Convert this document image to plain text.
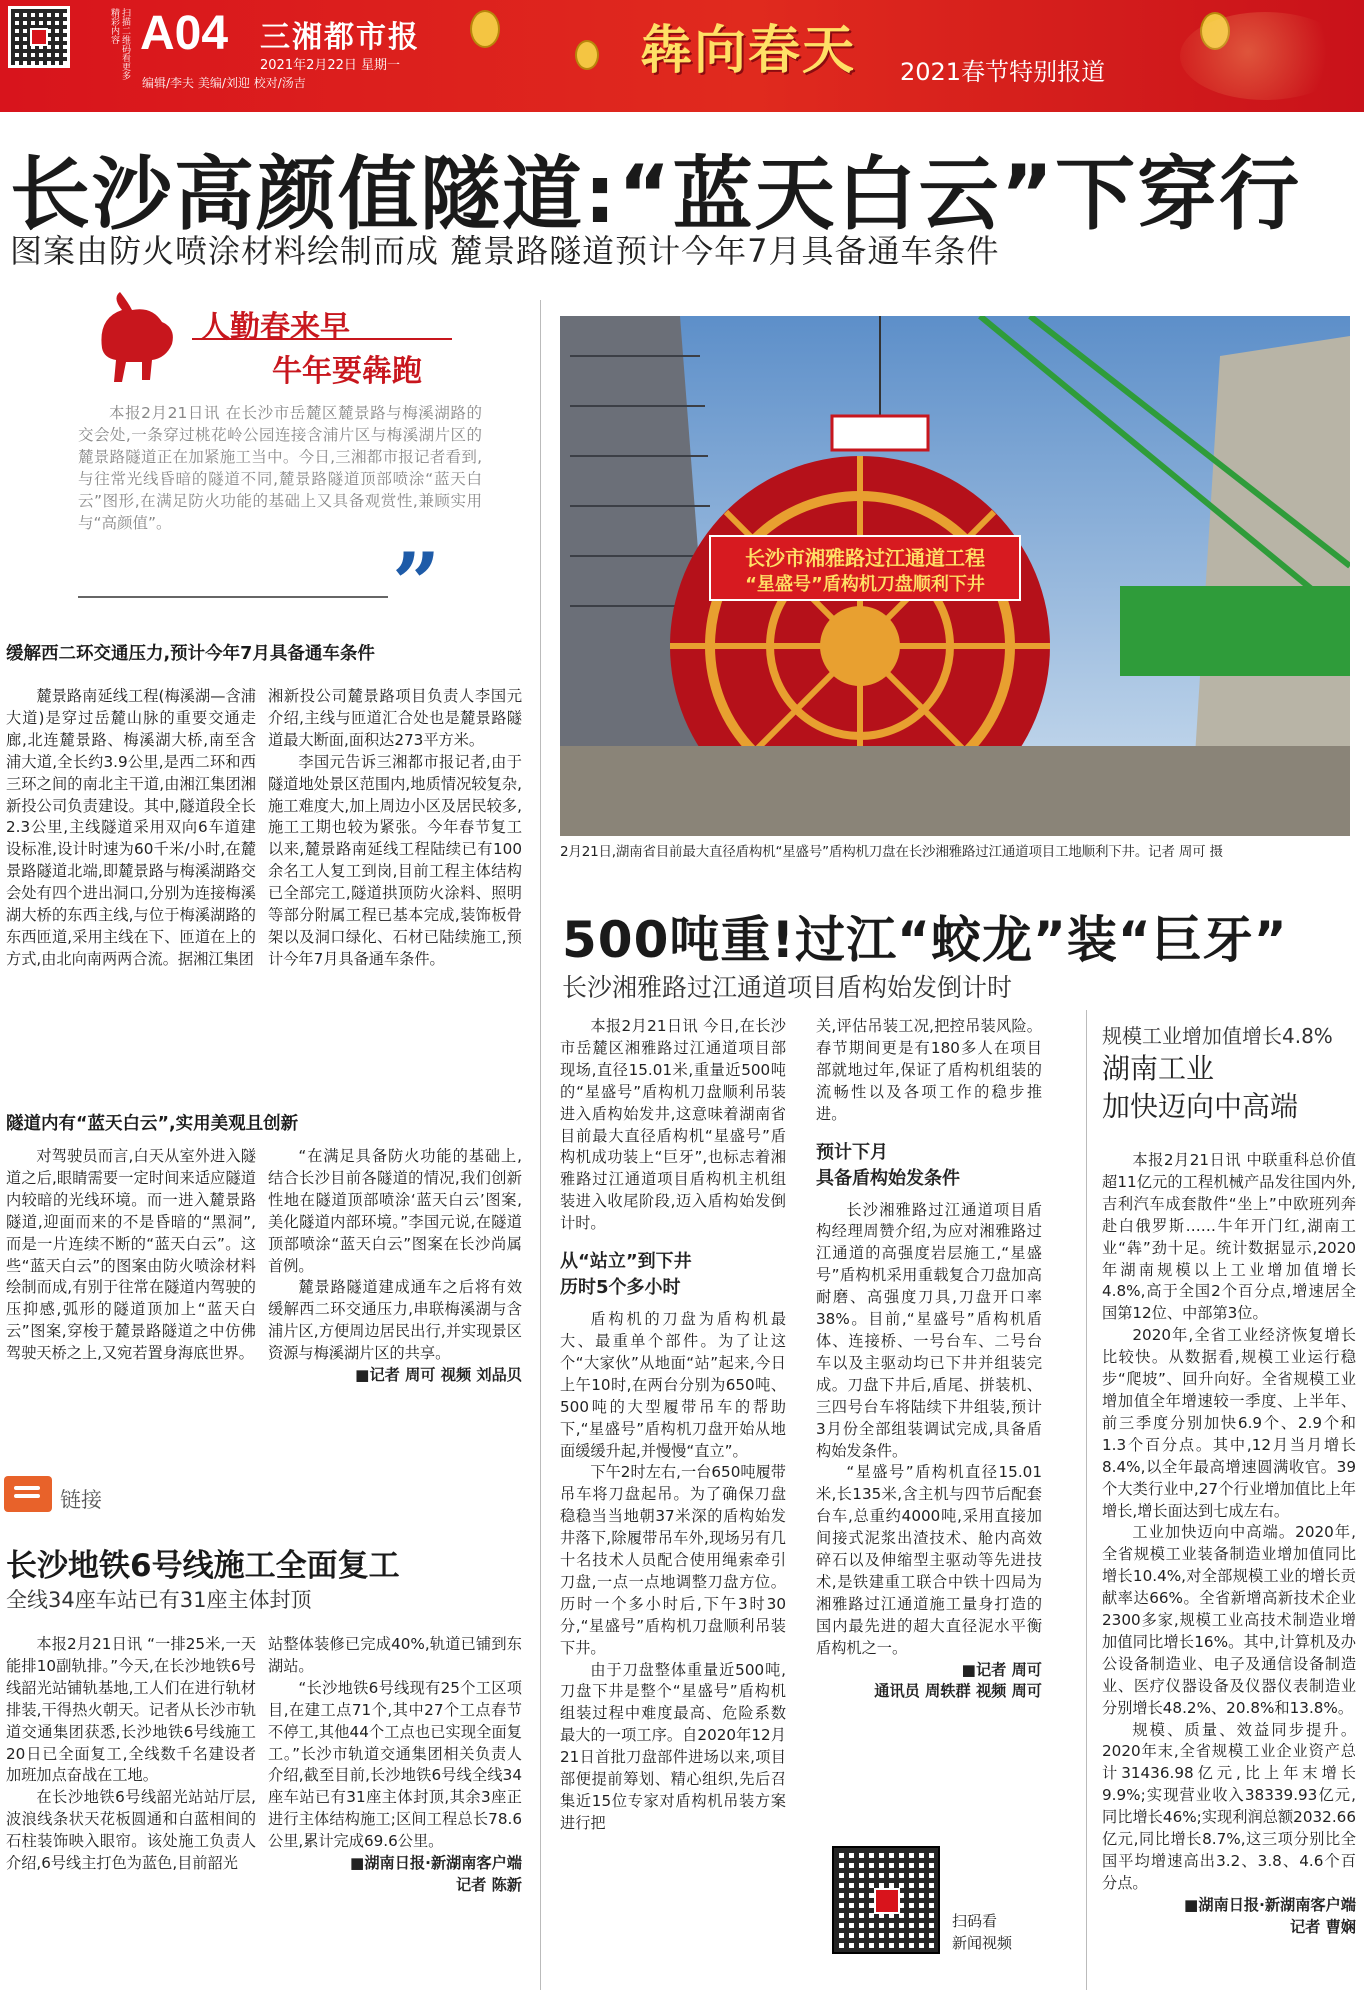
扫描二维码看更多精彩内容 A04 三湘都市报
2021年2月22日 星期一
编辑/李夫 美编/刘迎 校对/汤吉
犇向春天 2021春节特别报道
长沙高颜值隧道:“蓝天白云”下穿行
图案由防火喷涂材料绘制而成 麓景路隧道预计今年7月具备通车条件
人勤春来早
牛年要犇跑

本报2月21日讯 在长沙市岳麓区麓景路与梅溪湖路的交会处,一条穿过桃花岭公园连接含浦片区与梅溪湖片区的麓景路隧道正在加紧施工当中。今日,三湘都市报记者看到,与往常光线昏暗的隧道不同,麓景路隧道顶部喷涂“蓝天白云”图形,在满足防火功能的基础上又具备观赏性,兼顾实用与“高颜值”。

”
缓解西二环交通压力,预计今年7月具备通车条件

麓景路南延线工程(梅溪湖—含浦大道)是穿过岳麓山脉的重要交通走廊,北连麓景路、梅溪湖大桥,南至含浦大道,全长约3.9公里,是西二环和西三环之间的南北主干道,由湘江集团湘新投公司负责建设。其中,隧道段全长2.3公里,主线隧道采用双向6车道建设标准,设计时速为60千米/小时,在麓景路隧道北端,即麓景路与梅溪湖路交会处有四个进出洞口,分别为连接梅溪湖大桥的东西主线,与位于梅溪湖路的东西匝道,采用主线在下、匝道在上的方式,由北向南两两合流。据湘江集团

湘新投公司麓景路项目负责人李国元介绍,主线与匝道汇合处也是麓景路隧道最大断面,面积达273平方米。

李国元告诉三湘都市报记者,由于隧道地处景区范围内,地质情况较复杂,施工难度大,加上周边小区及居民较多,施工工期也较为紧张。今年春节复工以来,麓景路南延线工程陆续已有100余名工人复工到岗,目前工程主体结构已全部完工,隧道拱顶防火涂料、照明等部分附属工程已基本完成,装饰板骨架以及洞口绿化、石材已陆续施工,预计今年7月具备通车条件。

隧道内有“蓝天白云”,实用美观且创新

对驾驶员而言,白天从室外进入隧道之后,眼睛需要一定时间来适应隧道内较暗的光线环境。而一进入麓景路隧道,迎面而来的不是昏暗的“黑洞”,而是一片连续不断的“蓝天白云”。这些“蓝天白云”的图案由防火喷涂材料绘制而成,有别于往常在隧道内驾驶的压抑感,弧形的隧道顶加上“蓝天白云”图案,穿梭于麓景路隧道之中仿佛驾驶天桥之上,又宛若置身海底世界。

“在满足具备防火功能的基础上,结合长沙目前各隧道的情况,我们创新性地在隧道顶部喷涂‘蓝天白云’图案,美化隧道内部环境。”李国元说,在隧道顶部喷涂“蓝天白云”图案在长沙尚属首例。

麓景路隧道建成通车之后将有效缓解西二环交通压力,串联梅溪湖与含浦片区,方便周边居民出行,并实现景区资源与梅溪湖片区的共享。

■记者 周可 视频 刘品贝

长沙市湘雅路过江通道工程
“星盛号”盾构机刀盘顺利下井
2月21日,湖南省目前最大直径盾构机“星盛号”盾构机刀盘在长沙湘雅路过江通道项目工地顺利下井。记者 周可 摄
500吨重!过江“蛟龙”装“巨牙”
长沙湘雅路过江通道项目盾构始发倒计时

本报2月21日讯 今日,在长沙市岳麓区湘雅路过江通道项目部现场,直径15.01米,重量近500吨的“星盛号”盾构机刀盘顺利吊装进入盾构始发井,这意味着湖南省目前最大直径盾构机“星盛号”盾构机成功装上“巨牙”,也标志着湘雅路过江通道项目盾构机主机组装进入收尾阶段,迈入盾构始发倒计时。

从“站立”到下井
历时5个多小时

盾构机的刀盘为盾构机最大、最重单个部件。为了让这个“大家伙”从地面“站”起来,今日上午10时,在两台分别为650吨、500吨的大型履带吊车的帮助下,“星盛号”盾构机刀盘开始从地面缓缓升起,并慢慢“直立”。

下午2时左右,一台650吨履带吊车将刀盘起吊。为了确保刀盘稳稳当当地朝37米深的盾构始发井落下,除履带吊车外,现场另有几十名技术人员配合使用绳索牵引刀盘,一点一点地调整刀盘方位。历时一个多小时后,下午3时30分,“星盛号”盾构机刀盘顺利吊装下井。

由于刀盘整体重量近500吨,刀盘下井是整个“星盛号”盾构机组装过程中难度最高、危险系数最大的一项工序。自2020年12月21日首批刀盘部件进场以来,项目部便提前筹划、精心组织,先后召集近15位专家对盾构机吊装方案进行把

关,评估吊装工况,把控吊装风险。春节期间更是有180多人在项目部就地过年,保证了盾构机组装的流畅性以及各项工作的稳步推进。

预计下月
具备盾构始发条件

长沙湘雅路过江通道项目盾构经理周赞介绍,为应对湘雅路过江通道的高强度岩层施工,“星盛号”盾构机采用重载复合刀盘加高耐磨、高强度刀具,刀盘开口率38%。目前,“星盛号”盾构机盾体、连接桥、一号台车、二号台车以及主驱动均已下井并组装完成。刀盘下井后,盾尾、拼装机、三四号台车将陆续下井组装,预计3月份全部组装调试完成,具备盾构始发条件。

“星盛号”盾构机直径15.01米,长135米,含主机与四节后配套台车,总重约4000吨,采用直接加间接式泥浆出渣技术、舱内高效碎石以及伸缩型主驱动等先进技术,是铁建重工联合中铁十四局为湘雅路过江通道施工量身打造的国内最先进的超大直径泥水平衡盾构机之一。

■记者 周可

通讯员 周轶群 视频 周可

规模工业增加值增长4.8%
湖南工业
加快迈向中高端

本报2月21日讯 中联重科总价值超11亿元的工程机械产品发往国内外,吉利汽车成套散件“坐上”中欧班列奔赴白俄罗斯……牛年开门红,湖南工业“犇”劲十足。统计数据显示,2020年湖南规模以上工业增加值增长4.8%,高于全国2个百分点,增速居全国第12位、中部第3位。

2020年,全省工业经济恢复增长比较快。从数据看,规模工业运行稳步“爬坡”、回升向好。全省规模工业增加值全年增速较一季度、上半年、前三季度分别加快6.9个、2.9个和1.3个百分点。其中,12月当月增长8.4%,以全年最高增速圆满收官。39个大类行业中,27个行业增加值比上年增长,增长面达到七成左右。

工业加快迈向中高端。2020年,全省规模工业装备制造业增加值同比增长10.4%,对全部规模工业的增长贡献率达66%。全省新增高新技术企业2300多家,规模工业高技术制造业增加值同比增长16%。其中,计算机及办公设备制造业、电子及通信设备制造业、医疗仪器设备及仪器仪表制造业分别增长48.2%、20.8%和13.8%。

规模、质量、效益同步提升。2020年末,全省规模工业企业资产总计31436.98亿元,比上年末增长9.9%;实现营业收入38339.93亿元,同比增长46%;实现利润总额2032.66亿元,同比增长8.7%,这三项分别比全国平均增速高出3.2、3.8、4.6个百分点。

■湖南日报·新湖南客户端

记者 曹娴

链接
长沙地铁6号线施工全面复工
全线34座车站已有31座主体封顶

本报2月21日讯 “一排25米,一天能排10副轨排。”今天,在长沙地铁6号线韶光站铺轨基地,工人们在进行轨材排装,干得热火朝天。记者从长沙市轨道交通集团获悉,长沙地铁6号线施工20日已全面复工,全线数千名建设者加班加点奋战在工地。

在长沙地铁6号线韶光站站厅层,波浪线条状天花板圆通和白蓝相间的石柱装饰映入眼帘。该处施工负责人介绍,6号线主打色为蓝色,目前韶光

站整体装修已完成40%,轨道已铺到东湖站。

“长沙地铁6号线现有25个工区项目,在建工点71个,其中27个工点春节不停工,其他44个工点也已实现全面复工。”长沙市轨道交通集团相关负责人介绍,截至目前,长沙地铁6号线全线34座车站已有31座主体封顶,其余3座正进行主体结构施工;区间工程总长78.6公里,累计完成69.6公里。

■湖南日报·新湖南客户端

记者 陈新

扫码看
新闻视频
